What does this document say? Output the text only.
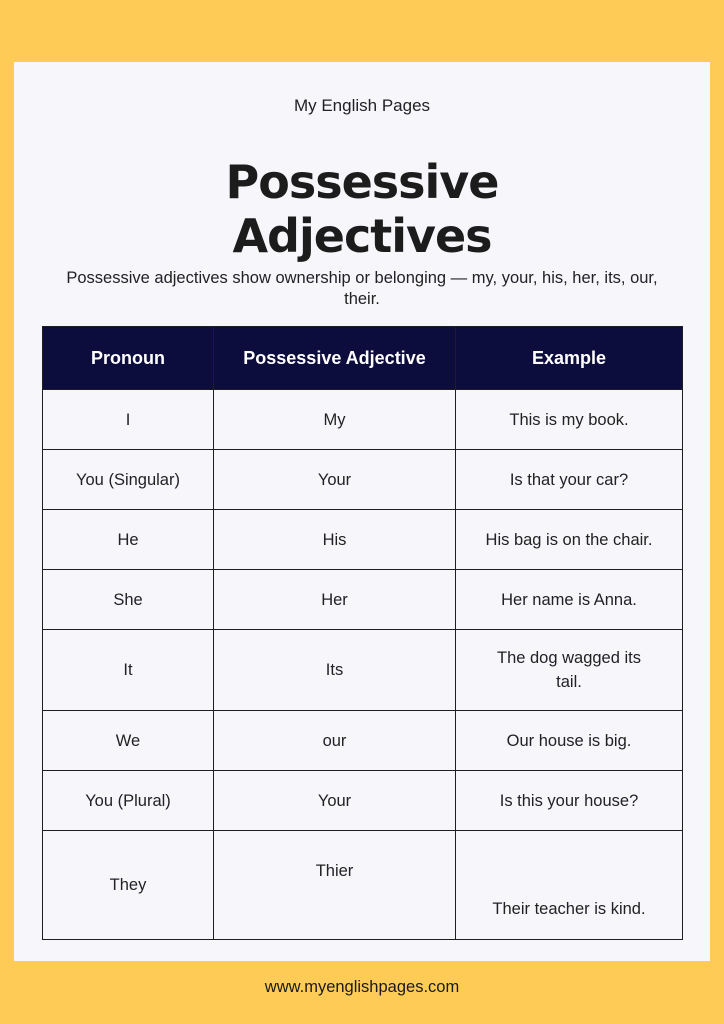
My English Pages
Possessive
Adjectives
Possessive adjectives show ownership or belonging — my, your, his, her, its, our, their.
Pronoun	Possessive Adjective	Example
I	My	This is my book.
You (Singular)	Your	Is that your car?
He	His	His bag is on the chair.
She	Her	Her name is Anna.
It	Its	The dog wagged its tail.
We	our	Our house is big.
You (Plural)	Your	Is this your house?
They	Thier	Their teacher is kind.
www.myenglishpages.com
